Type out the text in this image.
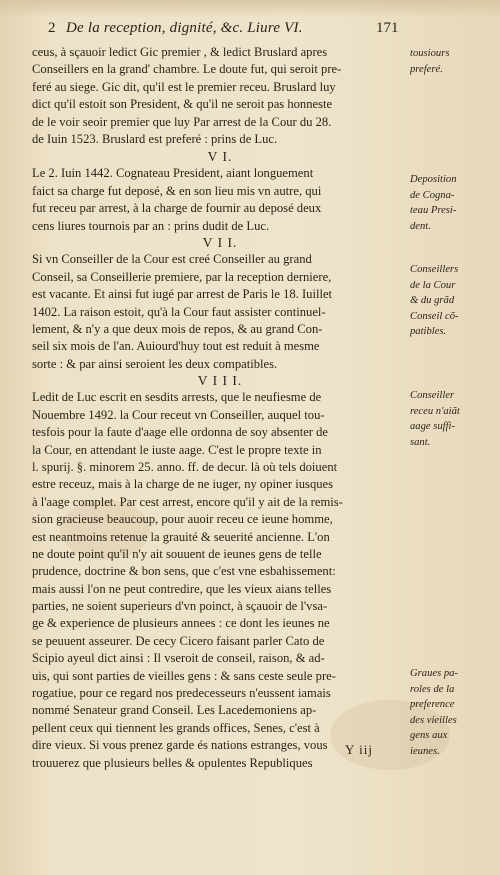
2 De la reception, dignité, &c. Liure VI.	171
ceus, à sçauoir ledict Gic premier , & ledict Bruslard apres
Conseillers en la grand' chambre. Le doute fut, qui seroit pre-
feré au siege. Gic dit, qu'il est le premier receu. Bruslard luy
dict qu'il estoit son President, & qu'il ne seroit pas honneste
de le voir seoir premier que luy Par arrest de la Cour du 28.
de Iuin 1523. Bruslard est preferé : prins de Luc.
V I.
Le 2. Iuin 1442. Cognateau President, aiant longuement
faict sa charge fut deposé, & en son lieu mis vn autre, qui
fut receu par arrest, à la charge de fournir au deposé deux
cens liures tournois par an : prins dudit de Luc.
V I I.
Si vn Conseiller de la Cour est creé Conseiller au grand
Conseil, sa Conseillerie premiere, par la reception derniere,
est vacante. Et ainsi fut iugé par arrest de Paris le 18. Iuillet
1402. La raison estoit, qu'à la Cour faut assister continuel-
lement, & n'y a que deux mois de repos, & au grand Con-
seil six mois de l'an. Auiourd'huy tout est reduit à mesme
sorte : & par ainsi seroient les deux compatibles.
V I I I.
Ledit de Luc escrit en sesdits arrests, que le neufiesme de
Nouembre 1492. la Cour receut vn Conseiller, auquel tou-
tesfois pour la faute d'aage elle ordonna de soy absenter de
la Cour, en attendant le iuste aage. C'est le propre texte in
l. spurij. §. minorem 25. anno. ff. de decur. là où tels doiuent
estre receuz, mais à la charge de ne iuger, ny opiner iusques
à l'aage complet. Par cest arrest, encore qu'il y ait de la remis-
sion gracieuse beaucoup, pour auoir receu ce ieune homme,
est neantmoins retenue la grauité & seuerité ancienne. L'on
ne doute point qu'il n'y ait souuent de ieunes gens de telle
prudence, doctrine & bon sens, que c'est vne esbahissement:
mais aussi l'on ne peut contredire, que les vieux aians telles
parties, ne soient superieurs d'vn poinct, à sçauoir de l'vsa-
ge & experience de plusieurs annees : ce dont les ieunes ne
se peuuent asseurer. De cecy Cicero faisant parler Cato de
Scipio ayeul dict ainsi : Il vseroit de conseil, raison, & ad-
uis, qui sont parties de vieilles gens : & sans ceste seule pre-
rogatiue, pour ce regard nos predecesseurs n'eussent iamais
nommé Senateur grand Conseil. Les Lacedemoniens ap-
pellent ceux qui tiennent les grands offices, Senes, c'est à
dire vieux. Si vous prenez garde és nations estranges, vous
trouuerez que plusieurs belles & opulentes Republiques
tousiours
preferé.
Deposition
de Cogna-
teau Presi-
dent.
Conseillers
de la Cour
& du grãd
Conseil cõ-
patibles.
Conseiller
receu n'aiãt
aage suffi-
sant.
Graues pa-
roles de la
preference
des vieilles
gens aux
ieunes.
Y iij
